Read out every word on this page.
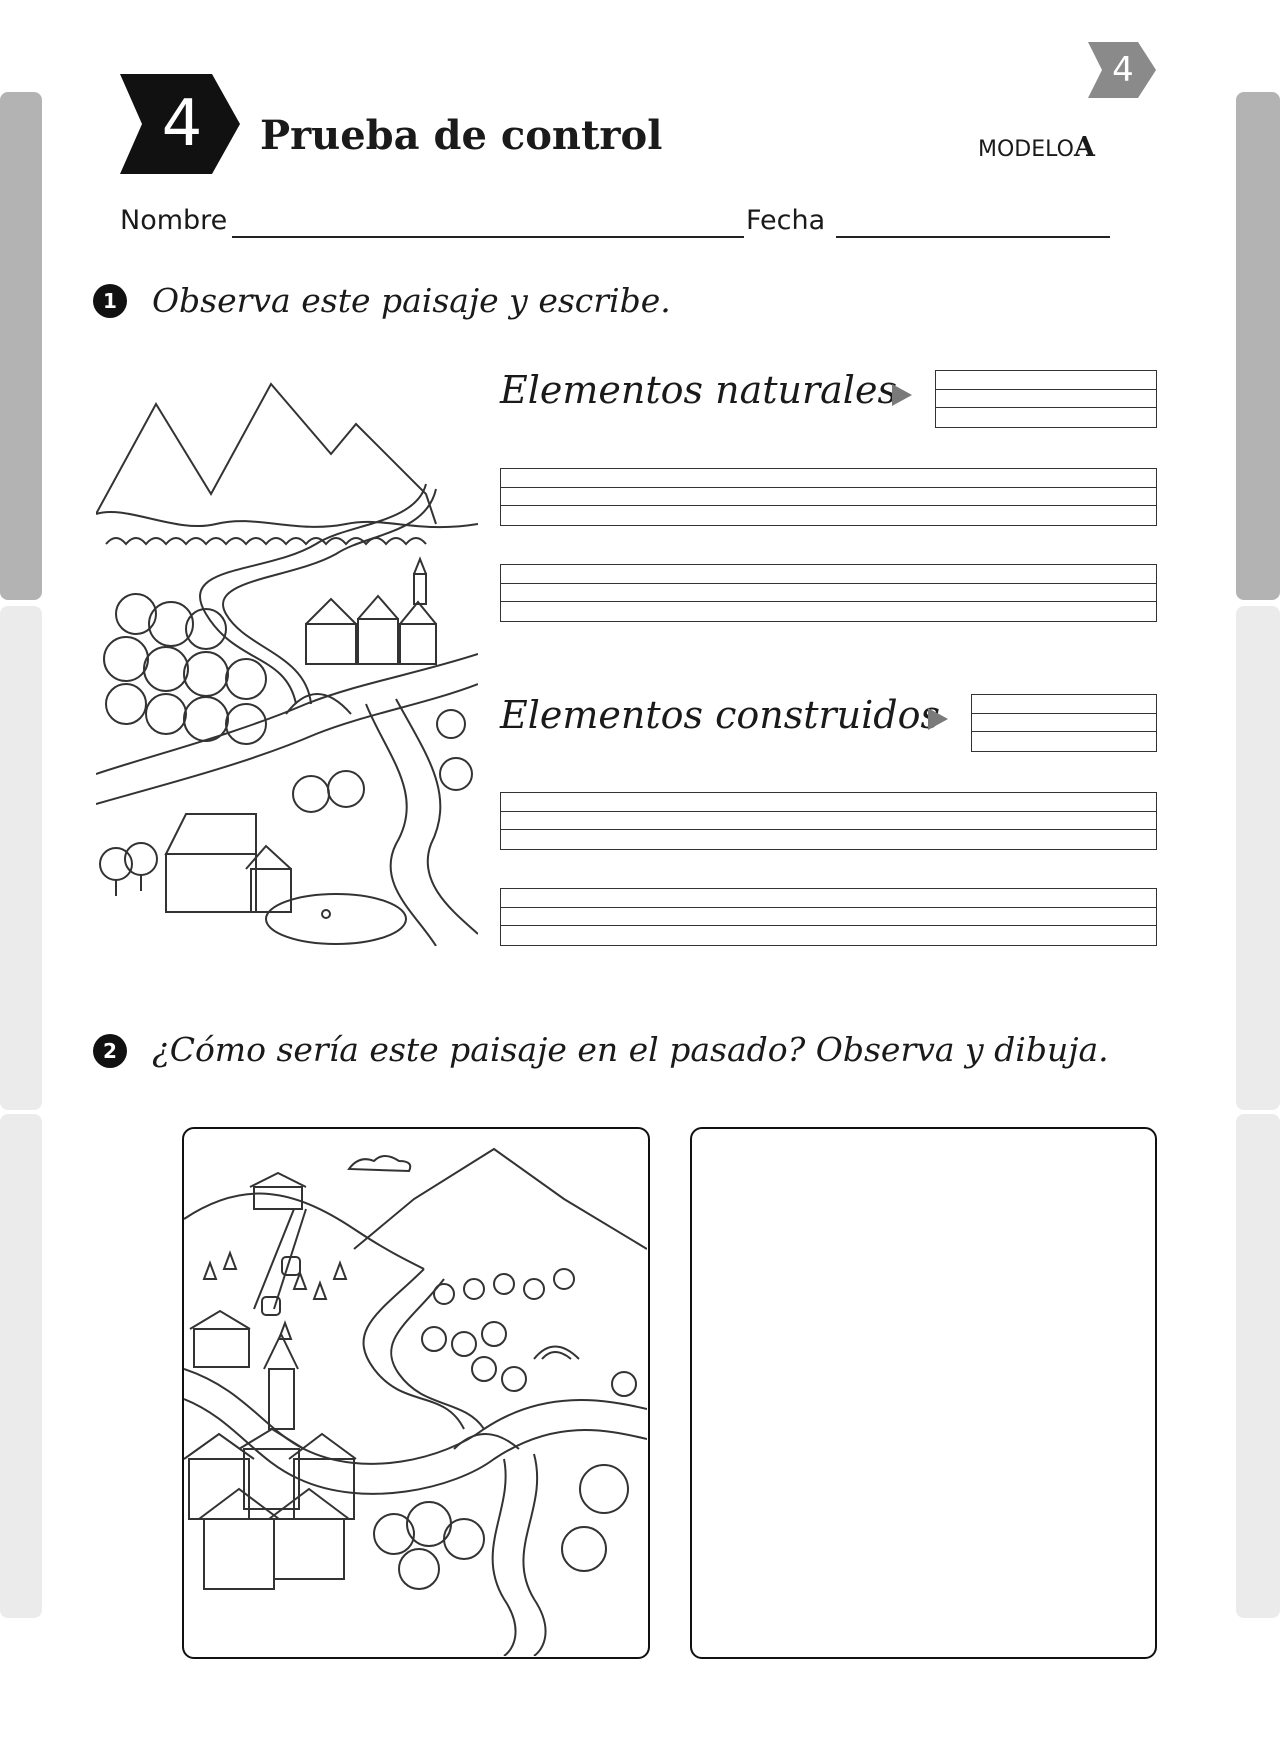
4
4 Prueba de control	MODELOA
Nombre	Fecha
1	Observa este paisaje y escribe.
Elementos naturales
Elementos construidos
2	¿Cómo sería este paisaje en el pasado? Observa y dibuja.
